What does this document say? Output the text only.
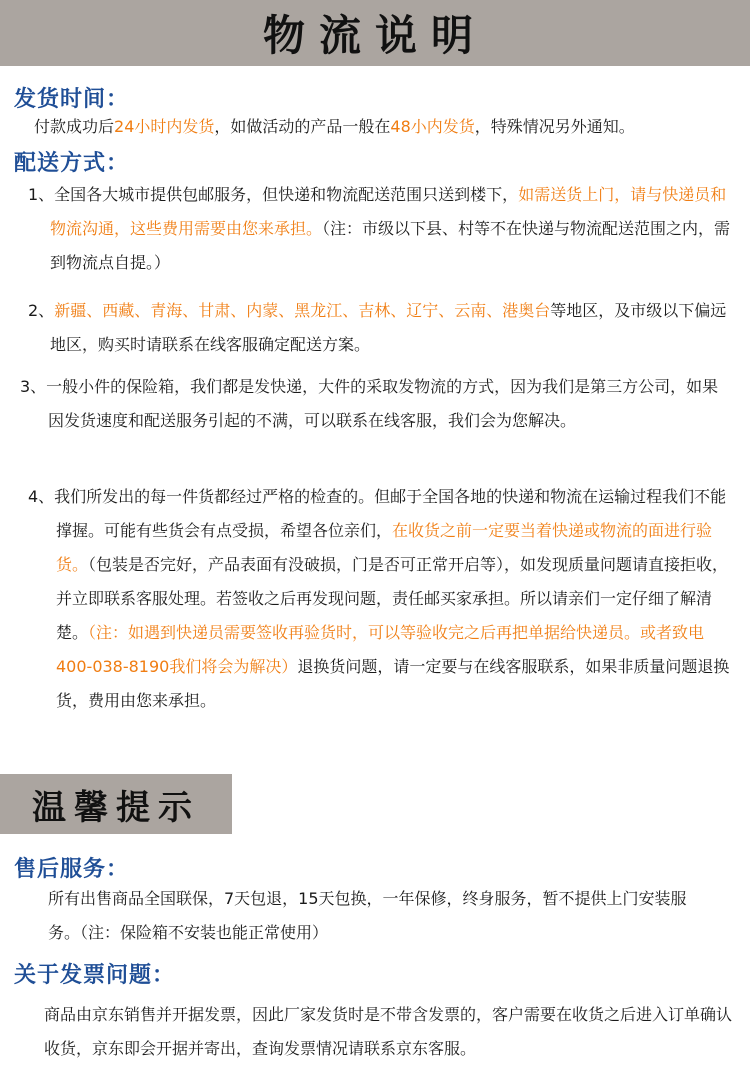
物流说明
发货时间：
付款成功后24小时内发货，如做活动的产品一般在48小内发货，特殊情况另外通知。
配送方式：
1、全国各大城市提供包邮服务，但快递和物流配送范围只送到楼下，如需送货上门，请与快递员和物流沟通，这些费用需要由您来承担。（注：市级以下县、村等不在快递与物流配送范围之内，需到物流点自提。）
2、新疆、西藏、青海、甘肃、内蒙、黑龙江、吉林、辽宁、云南、港奥台等地区，及市级以下偏远地区，购买时请联系在线客服确定配送方案。
3、一般小件的保险箱，我们都是发快递，大件的采取发物流的方式，因为我们是第三方公司，如果因发货速度和配送服务引起的不满，可以联系在线客服，我们会为您解决。
4、我们所发出的每一件货都经过严格的检查的。但邮于全国各地的快递和物流在运输过程我们不能撑握。可能有些货会有点受损，希望各位亲们，在收货之前一定要当着快递或物流的面进行验货。（包装是否完好，产品表面有没破损，门是否可正常开启等），如发现质量问题请直接拒收，并立即联系客服处理。若签收之后再发现问题，责任邮买家承担。所以请亲们一定仔细了解清楚。（注：如遇到快递员需要签收再验货时，可以等验收完之后再把单据给快递员。或者致电400-038-8190我们将会为解决）退换货问题，请一定要与在线客服联系，如果非质量问题退换货，费用由您来承担。
温馨提示
售后服务：
所有出售商品全国联保，7天包退，15天包换，一年保修，终身服务，暂不提供上门安装服务。（注：保险箱不安装也能正常使用）
关于发票问题：
商品由京东销售并开据发票，因此厂家发货时是不带含发票的，客户需要在收货之后进入订单确认收货，京东即会开据并寄出，查询发票情况请联系京东客服。
